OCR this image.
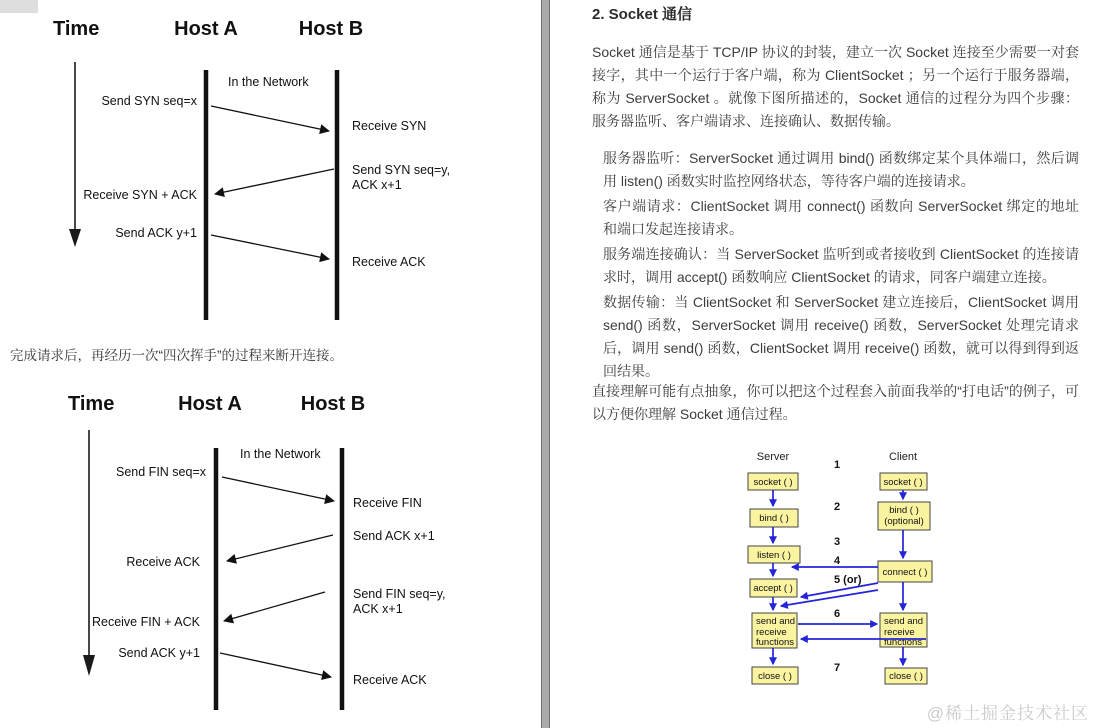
Time	Host A	Host B
In the Network
Send SYN seq=x
Receive SYN
Send SYN seq=y,
ACK x+1
Receive SYN + ACK
Send ACK y+1
Receive ACK
完成请求后，再经历一次“四次挥手”的过程来断开连接。
Time	Host A	Host B
In the Network
Send FIN seq=x
Receive FIN
Send ACK x+1
Receive ACK
Send FIN seq=y,
ACK x+1
Receive FIN + ACK
Send ACK y+1
Receive ACK
2. Socket 通信
Socket 通信是基于 TCP/IP 协议的封装，建立一次 Socket 连接至少需要一对套接字，其中一个运行于客户端，称为 ClientSocket ；另一个运行于服务器端，称为 ServerSocket 。就像下图所描述的，Socket 通信的过程分为四个步骤：服务器监听、客户端请求、连接确认、数据传输。
服务器监听：ServerSocket 通过调用 bind() 函数绑定某个具体端口，然后调用 listen() 函数实时监控网络状态，等待客户端的连接请求。
客户端请求：ClientSocket 调用 connect() 函数向 ServerSocket 绑定的地址和端口发起连接请求。
服务端连接确认：当 ServerSocket 监听到或者接收到 ClientSocket 的连接请求时，调用 accept() 函数响应 ClientSocket 的请求，同客户端建立连接。
数据传输：当 ClientSocket 和 ServerSocket 建立连接后，ClientSocket 调用 send() 函数，ServerSocket 调用 receive() 函数，ServerSocket 处理完请求后，调用 send() 函数，ClientSocket 调用 receive() 函数，就可以得到得到返回结果。
直接理解可能有点抽象，你可以把这个过程套入前面我举的“打电话”的例子，可以方便你理解 Socket 通信过程。
Server	Client
1
2
3
4
5 (or)
6
7
socket ( )
bind ( )
listen ( )
accept ( )
send and
receive
functions
close ( )
socket ( )
bind ( )
(optional)
connect ( )
send and
receive
functions
close ( )
@稀土掘金技术社区
